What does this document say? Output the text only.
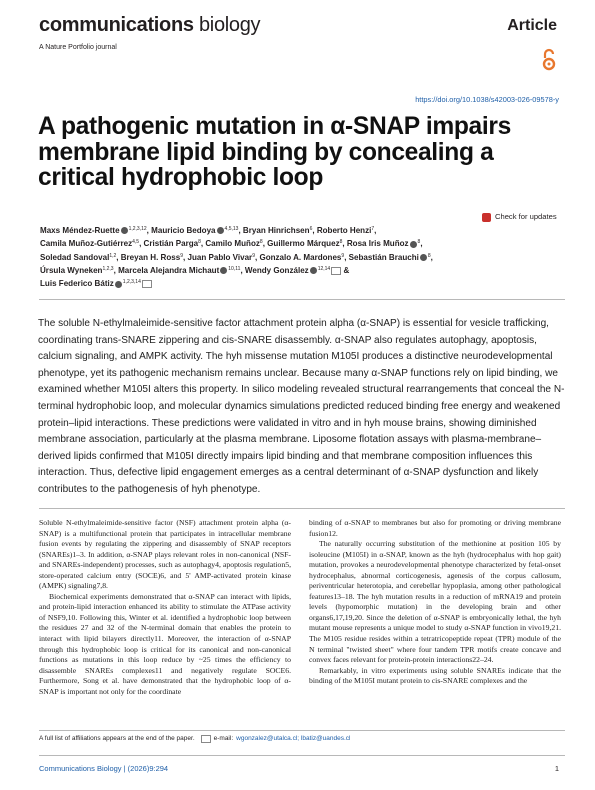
communications biology	Article
A Nature Portfolio journal
https://doi.org/10.1038/s42003-026-09578-y
A pathogenic mutation in α-SNAP impairs membrane lipid binding by concealing a critical hydrophobic loop
Check for updates
Maxs Méndez-Ruette $^{1,2,3,12}$, Mauricio Bedoya $^{4,5,13}$, Bryan Hinrichsen$^6$, Roberto Henzi$^7$,
Camila Muñoz-Gutiérrez$^{4,5}$, Cristián Parga$^8$, Camilo Muñoz$^8$, Guillermo Márquez$^8$, Rosa Iris Muñoz $^8$,
Soledad Sandoval$^{1,2}$, Breyan H. Ross$^9$, Juan Pablo Vivar$^9$, Gonzalo A. Mardones$^9$, Sebastián Brauchi $^8$,
Úrsula Wyneken$^{1,2,3}$, Marcela Alejandra Michaut $^{10,11}$, Wendy González $^{12,14}$ &
Luis Federico Bátiz $^{1,2,3,14}$
The soluble N-ethylmaleimide-sensitive factor attachment protein alpha (α-SNAP) is essential for vesicle trafficking, coordinating trans-SNARE zippering and cis-SNARE disassembly. α-SNAP also regulates autophagy, apoptosis, calcium signaling, and AMPK activity. The hyh missense mutation M105I produces a distinctive neurodevelopmental phenotype, yet its pathogenic mechanism remains unclear. Because many α-SNAP functions rely on lipid binding, we examined whether M105I alters this property. In silico modeling revealed structural rearrangements that conceal the N-terminal hydrophobic loop, and molecular dynamics simulations predicted reduced binding free energy and weakened protein–lipid interactions. These predictions were validated in vitro and in hyh mouse brains, showing diminished membrane association, particularly at the plasma membrane. Liposome flotation assays with plasma-membrane–derived lipids confirmed that M105I directly impairs lipid binding and that membrane composition influences this interaction. Thus, defective lipid engagement emerges as a central determinant of α-SNAP dysfunction and likely contributes to the pathogenesis of hyh phenotype.

Soluble N-ethylmaleimide-sensitive factor (NSF) attachment protein alpha (α-SNAP) is a multifunctional protein that participates in intracellular membrane fusion events by regulating the zippering and disassembly of SNAP receptors (SNAREs)1–3. In addition, α-SNAP plays relevant roles in non-canonical (NSF- and SNAREs-independent) processes, such as autophagy4, apoptosis regulation5, store-operated calcium entry (SOCE)6, and 5' AMP-activated protein kinase (AMPK) signaling7,8.

Biochemical experiments demonstrated that α-SNAP can interact with lipids, and protein-lipid interaction enhanced its ability to stimulate the ATPase activity of NSF9,10. Following this, Winter et al. identified a hydrophobic loop between the residues 27 and 32 of the N-terminal domain that enables the protein to interact with lipid bilayers directly11. Moreover, the interaction of α-SNAP through this hydrophobic loop is critical for its canonical and non-canonical functions as mutations in this loop reduce by ~25 times the efficiency to disassemble SNAREs complexes11 and negatively regulate SOCE6. Furthermore, Song et al. have demonstrated that the hydrophobic loop of α-SNAP is important not only for the coordinate

binding of α-SNAP to membranes but also for promoting or driving membrane fusion12.

The naturally occurring substitution of the methionine at position 105 by isoleucine (M105I) in α-SNAP, known as the hyh (hydrocephalus with hop gait) mutation, provokes a neurodevelopmental phenotype characterized by fetal-onset hydrocephalus, abnormal corticogenesis, agenesis of the corpus callosum, periventricular heterotopia, and cerebellar hypoplasia, among other pathological features13–18. The hyh mutation results in a reduction of mRNA19 and protein levels (hypomorphic mutation) in the developing brain and other organs6,17,19,20. Since the deletion of α-SNAP is embryonically lethal, the hyh mutant mouse represents a unique model to study α-SNAP function in vivo19,21. The M105 residue resides within a tetratricopeptide repeat (TPR) module of the N terminal "twisted sheet" where four tandem TPR motifs create concave and convex faces relevant for protein-protein interactions22–24.

Remarkably, in vitro experiments using soluble SNAREs indicate that the binding of the M105I mutant protein to cis-SNARE complexes and the

A full list of affiliations appears at the end of the paper.	e-mail: wgonzalez@utalca.cl; lbatiz@uandes.cl
Communications Biology | (2026)9:294	1
